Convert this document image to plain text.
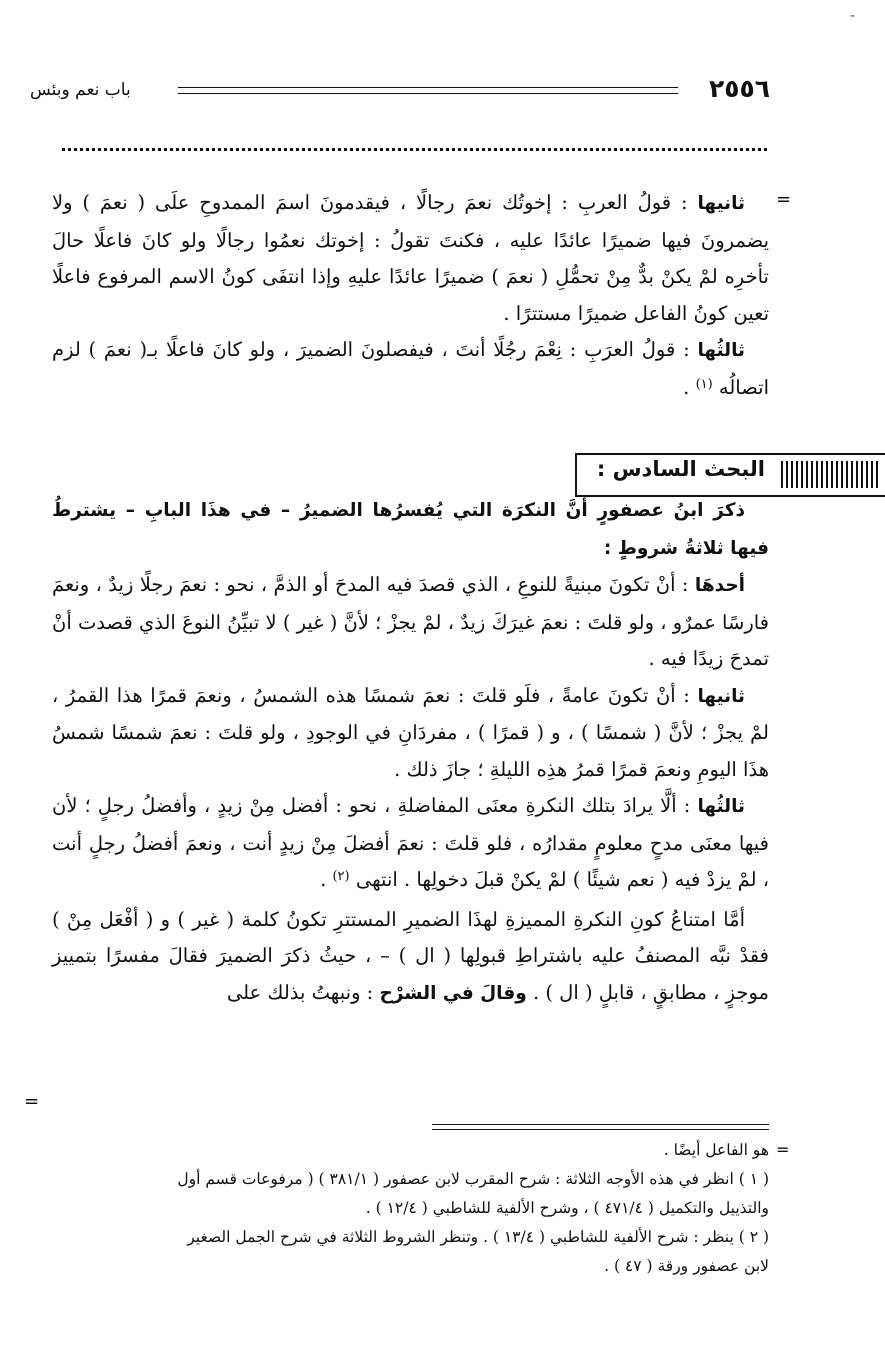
-
٢٥٥٦
باب نعم وبئس
=

ثانيها : قولُ العربِ : إخوتُك نعمَ رجالًا ، فيقدمونَ اسمَ الممدوحِ علَى ( نعمَ ) ولا يضمرونَ فيها ضميرًا عائدًا عليه ، فكنتَ تقولُ : إخوتك نعمُوا رجالًا ولو كانَ فاعلًا حالَ تأخرِه لمْ يكنْ بدٌّ مِنْ تحمُّلِ ( نعمَ ) ضميرًا عائدًا عليهِ وإذا انتفَى كونُ الاسم المرفوع فاعلًا تعين كونُ الفاعل ضميرًا مستترًا .

ثالثُها : قولُ العرَبِ : نِعْمَ رجُلًا أنتَ ، فيفصلونَ الضميرَ ، ولو كانَ فاعلًا بـ( نعمَ ) لزم اتصالُه $^{(١)}$ .

البحث السادس :

ذكرَ ابنُ عصفورٍ أنَّ النكرَة التي يُفسرُها الضميرُ – في هذَا البابِ – يشترطُ فيها ثلاثةُ شروطٍ :

أحدهَا : أنْ تكونَ مبنيةً للنوعِ ، الذي قصدَ فيه المدحَ أو الذمَّ ، نحو : نعمَ رجلًا زيدٌ ، ونعمَ فارسًا عمرٌو ، ولو قلتَ : نعمَ غيرَكَ زيدٌ ، لمْ يجزْ ؛ لأنَّ ( غير ) لا تبيِّنُ النوعَ الذي قصدت أنْ تمدحَ زيدًا فيه .

ثانيها : أنْ تكونَ عامةً ، فلَو قلتَ : نعمَ شمسًا هذه الشمسُ ، ونعمَ قمرًا هذا القمرُ ، لمْ يجزْ ؛ لأنَّ ( شمسًا ) ، و ( قمرًا ) ، مفردَانِ في الوجودِ ، ولو قلتَ : نعمَ شمسًا شمسُ هذَا اليومِ ونعمَ قمرًا قمرُ هذِه الليلةِ ؛ جازَ ذلك .

ثالثُها : ألَّا يرادَ بتلك النكرةِ معنَى المفاضلةِ ، نحو : أفضل مِنْ زيدٍ ، وأفضلُ رجلٍ ؛ لأن فيها معنَى مدحٍ معلومٍ مقدارُه ، فلو قلتَ : نعمَ أفضلَ مِنْ زيدٍ أنت ، ونعمَ أفضلُ رجلٍ أنت ، لمْ يزدْ فيه ( نعم شيئًا ) لمْ يكنْ قبلَ دخولِها . انتهى $^{(٢)}$ .

أمَّا امتناعُ كونِ النكرةِ المميزةِ لهذَا الضميرِ المستترِ تكونُ كلمة ( غير ) و ( أفْعَل مِنْ ) فقدْ نبَّه المصنفُ عليه باشتراطِ قبولِها ( ال ) – ، حيثُ ذكرَ الضميرَ فقالَ مفسرًا بتمييز موجزٍ ، مطابقٍ ، قابلٍ ( ال ) . وقالَ في الشرْح : ونبهتُ بذلك على

=
=

هو الفاعل أيضًا .

( ١ ) انظر في هذه الأوجه الثلاثة : شرح المقرب لابن عصفور ( ٣٨١/١ ) ( مرفوعات قسم أول

والتذييل والتكميل ( ٤٧١/٤ ) ، وشرح الألفية للشاطبي ( ١٢/٤ ) .

( ٢ ) ينظر : شرح الألفية للشاطبي ( ١٣/٤ ) . وتنظر الشروط الثلاثة في شرح الجمل الصغير

لابن عصفور ورقة ( ٤٧ ) .
